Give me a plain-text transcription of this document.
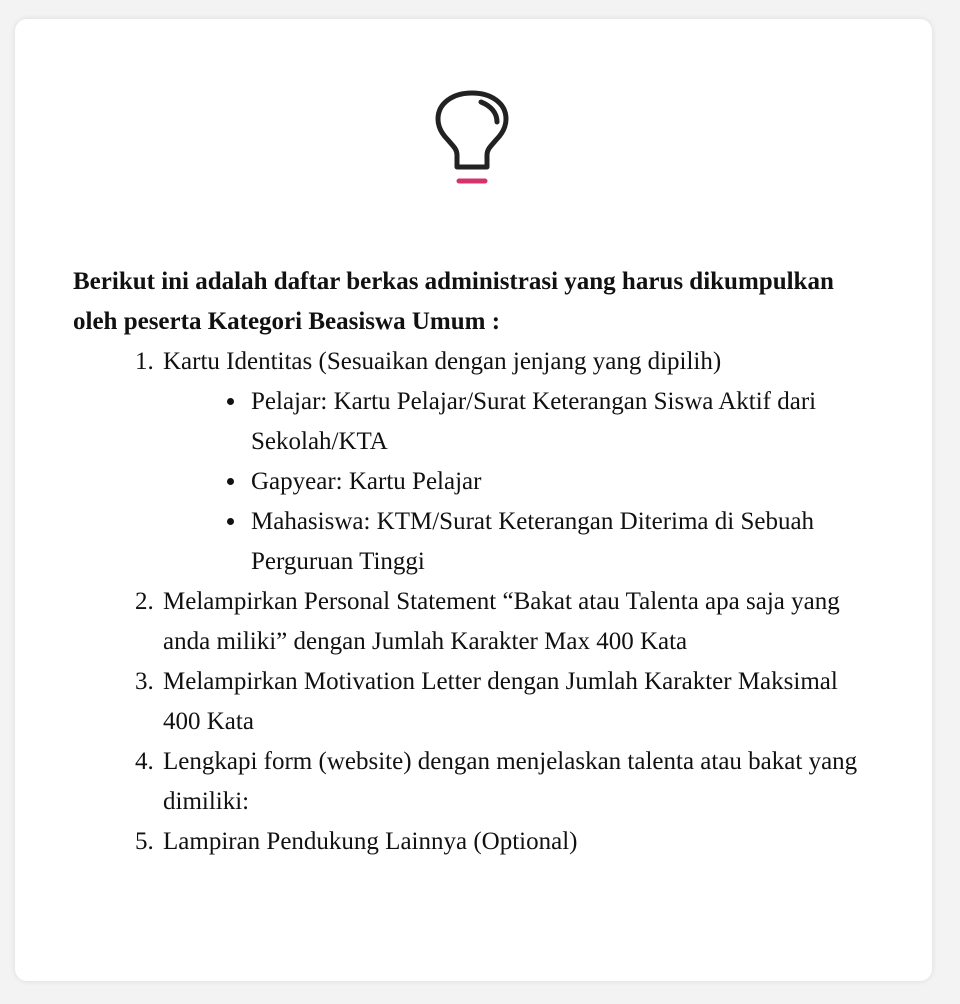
Berikut ini adalah daftar berkas administrasi yang harus dikumpulkan oleh peserta Kategori Beasiswa Umum :

1. Kartu Identitas (Sesuaikan dengan jenjang yang dipilih)
• Pelajar: Kartu Pelajar/Surat Keterangan Siswa Aktif dari Sekolah/KTA
• Gapyear: Kartu Pelajar
• Mahasiswa: KTM/Surat Keterangan Diterima di Sebuah Perguruan Tinggi
2. Melampirkan Personal Statement “Bakat atau Talenta apa saja yang anda miliki” dengan Jumlah Karakter Max 400 Kata
3. Melampirkan Motivation Letter dengan Jumlah Karakter Maksimal 400 Kata
4. Lengkapi form (website) dengan menjelaskan talenta atau bakat yang dimiliki:
5. Lampiran Pendukung Lainnya (Optional)
